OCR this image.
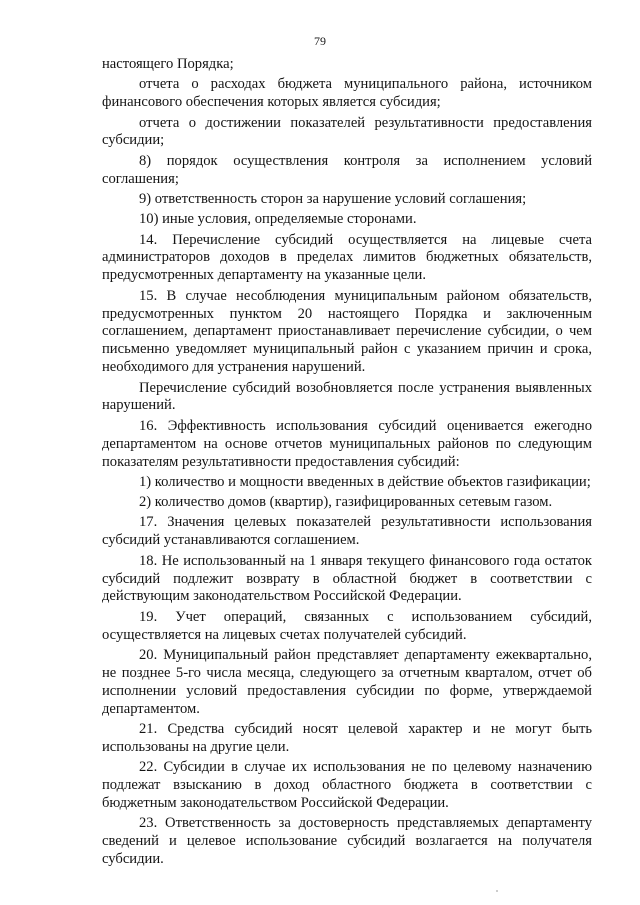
79

настоящего Порядка;

отчета о расходах бюджета муниципального района, источником финансового обеспечения которых является субсидия;

отчета о достижении показателей результативности предоставления субсидии;

8) порядок осуществления контроля за исполнением условий соглашения;

9) ответственность сторон за нарушение условий соглашения;

10) иные условия, определяемые сторонами.

14. Перечисление субсидий осуществляется на лицевые счета администраторов доходов в пределах лимитов бюджетных обязательств, предусмотренных департаменту на указанные цели.

15. В случае несоблюдения муниципальным районом обязательств, предусмотренных пунктом 20 настоящего Порядка и заключенным соглашением, департамент приостанавливает перечисление субсидии, о чем письменно уведомляет муниципальный район с указанием причин и срока, необходимого для устранения нарушений.

Перечисление субсидий возобновляется после устранения выявленных нарушений.

16. Эффективность использования субсидий оценивается ежегодно департаментом на основе отчетов муниципальных районов по следующим показателям результативности предоставления субсидий:

1) количество и мощности введенных в действие объектов газификации;

2) количество домов (квартир), газифицированных сетевым газом.

17. Значения целевых показателей результативности использования субсидий устанавливаются соглашением.

18. Не использованный на 1 января текущего финансового года остаток субсидий подлежит возврату в областной бюджет в соответствии с действующим законодательством Российской Федерации.

19. Учет операций, связанных с использованием субсидий, осуществляется на лицевых счетах получателей субсидий.

20. Муниципальный район представляет департаменту ежеквартально, не позднее 5-го числа месяца, следующего за отчетным кварталом, отчет об исполнении условий предоставления субсидии по форме, утверждаемой департаментом.

21. Средства субсидий носят целевой характер и не могут быть использованы на другие цели.

22. Субсидии в случае их использования не по целевому назначению подлежат взысканию в доход областного бюджета в соответствии с бюджетным законодательством Российской Федерации.

23. Ответственность за достоверность представляемых департаменту сведений и целевое использование субсидий возлагается на получателя субсидии.
